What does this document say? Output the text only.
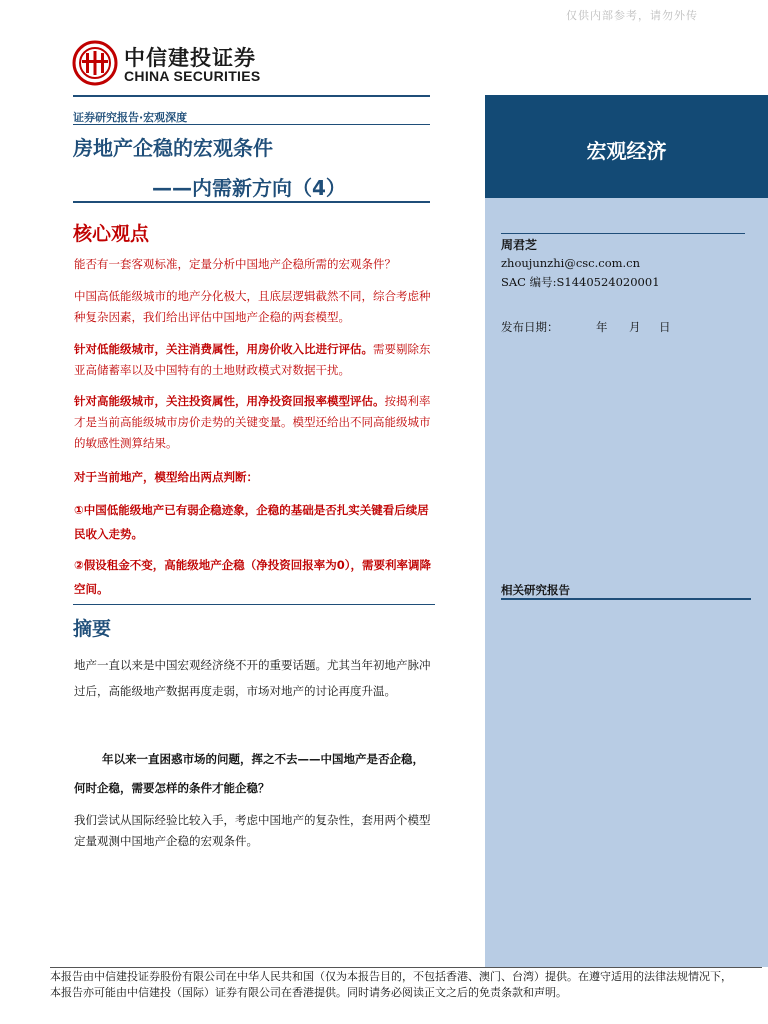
仅供内部参考，请勿外传
中信建投证券
CHINA SECURITIES
证券研究报告·宏观深度
房地产企稳的宏观条件
——内需新方向（4）
核心观点
能否有一套客观标准，定量分析中国地产企稳所需的宏观条件？
中国高低能级城市的地产分化极大，且底层逻辑截然不同，综合考虑种种复杂因素，我们给出评估中国地产企稳的两套模型。
针对低能级城市，关注消费属性，用房价收入比进行评估。需要剔除东亚高储蓄率以及中国特有的土地财政模式对数据干扰。
针对高能级城市，关注投资属性，用净投资回报率模型评估。按揭利率才是当前高能级城市房价走势的关键变量。模型还给出不同高能级城市的敏感性测算结果。
对于当前地产，模型给出两点判断：
①中国低能级地产已有弱企稳迹象，企稳的基础是否扎实关键看后续居民收入走势。
②假设租金不变，高能级地产企稳（净投资回报率为0），需要利率调降空间。
摘要
地产一直以来是中国宏观经济绕不开的重要话题。尤其当年初地产脉冲过后，高能级地产数据再度走弱，市场对地产的讨论再度升温。
年以来一直困惑市场的问题，挥之不去——中国地产是否企稳，何时企稳，需要怎样的条件才能企稳？
我们尝试从国际经验比较入手，考虑中国地产的复杂性，套用两个模型定量观测中国地产企稳的宏观条件。
宏观经济
周君芝
zhoujunzhi@csc.com.cn
SAC 编号:S1440524020001
发布日期：	年 月 日
相关研究报告
本报告由中信建投证券股份有限公司在中华人民共和国（仅为本报告目的，不包括香港、澳门、台湾）提供。在遵守适用的法律法规情况下，
本报告亦可能由中信建投（国际）证券有限公司在香港提供。同时请务必阅读正文之后的免责条款和声明。
